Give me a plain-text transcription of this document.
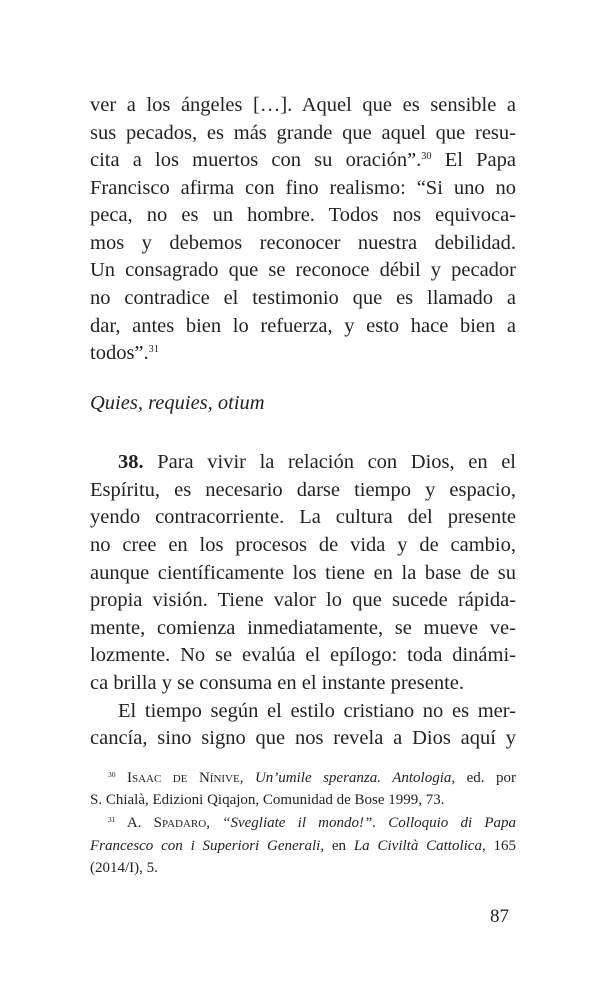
ver a los ángeles […]. Aquel que es sensible a
sus pecados, es más grande que aquel que resu-
cita a los muertos con su oración”.$^{30}$ El Papa
Francisco afirma con fino realismo: “Si uno no
peca, no es un hombre. Todos nos equivoca-
mos y debemos reconocer nuestra debilidad.
Un consagrado que se reconoce débil y pecador
no contradice el testimonio que es llamado a
dar, antes bien lo refuerza, y esto hace bien a
todos”.$^{31}$
Quies, requies, otium
38. Para vivir la relación con Dios, en el
Espíritu, es necesario darse tiempo y espacio,
yendo contracorriente. La cultura del presente
no cree en los procesos de vida y de cambio,
aunque científicamente los tiene en la base de su
propia visión. Tiene valor lo que sucede rápida-
mente, comienza inmediatamente, se mueve ve-
lozmente. No se evalúa el epílogo: toda dinámi-
ca brilla y se consuma en el instante presente.
El tiempo según el estilo cristiano no es mer-
cancía, sino signo que nos revela a Dios aquí y
$^{30}$ Isaac de Nínive, Un’umile speranza. Antologia, ed. por
S. Chialà, Edizioni Qiqajon, Comunidad de Bose 1999, 73.
$^{31}$ A. Spadaro, “Svegliate il mondo!”. Colloquio di Papa
Francesco con i Superiori Generali, en La Civiltà Cattolica, 165
(2014/I), 5.
87
